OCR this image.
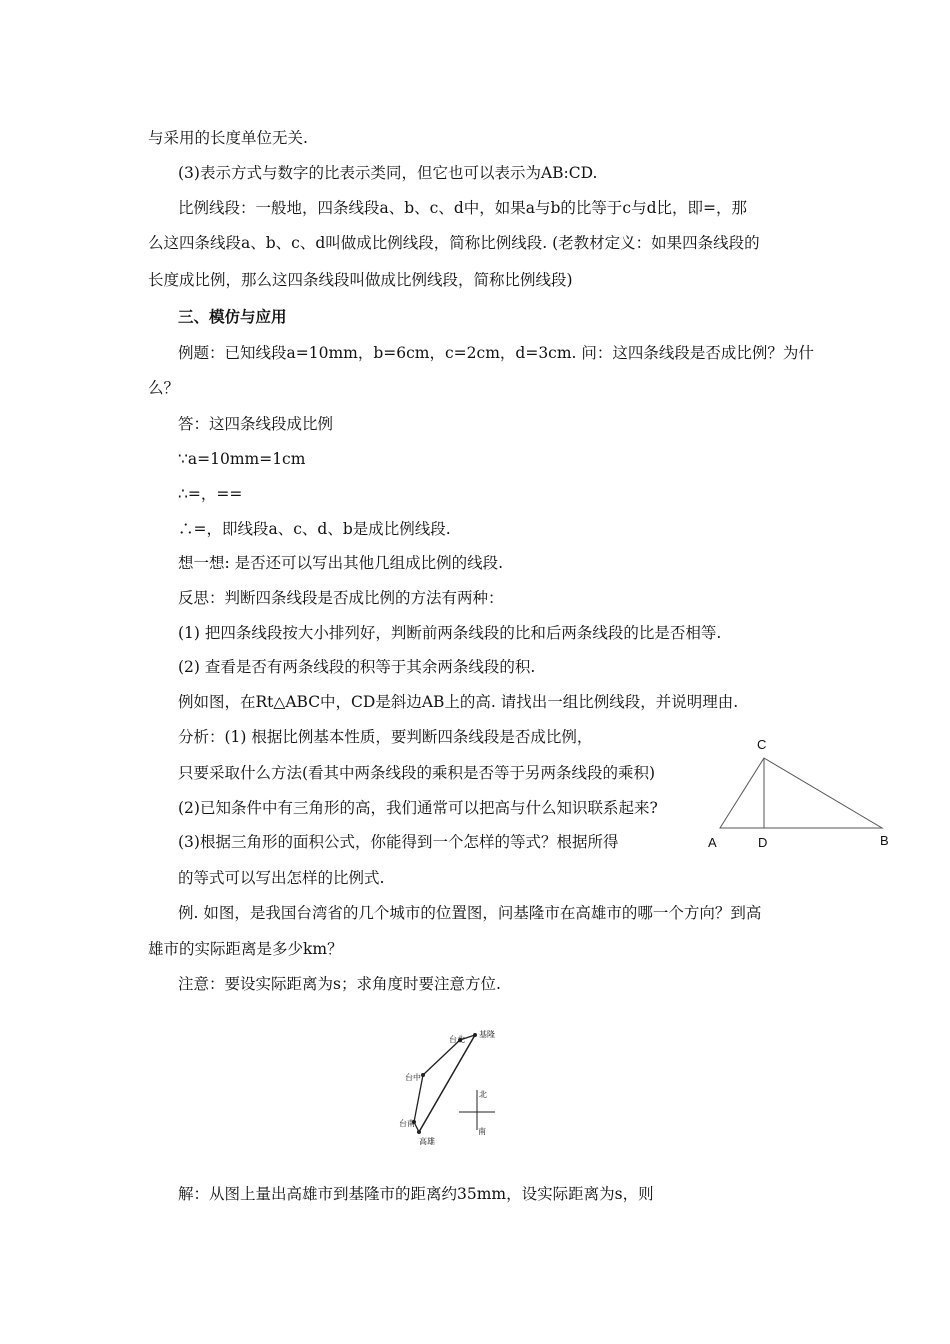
与采用的长度单位无关.
(3)表示方式与数字的比表示类同，但它也可以表示为AB:CD.
比例线段：一般地，四条线段a、b、c、d中，如果a与b的比等于c与d比，即=，那
么这四条线段a、b、c、d叫做成比例线段，简称比例线段. (老教材定义：如果四条线段的
长度成比例，那么这四条线段叫做成比例线段，简称比例线段)
三、模仿与应用
例题：已知线段a=10mm，b=6cm，c=2cm，d=3cm. 问：这四条线段是否成比例？为什
么？
答：这四条线段成比例
∵a=10mm=1cm
∴=，==
∴=，即线段a、c、d、b是成比例线段.
想一想: 是否还可以写出其他几组成比例的线段.
反思：判断四条线段是否成比例的方法有两种：
(1) 把四条线段按大小排列好，判断前两条线段的比和后两条线段的比是否相等.
(2) 查看是否有两条线段的积等于其余两条线段的积.
例如图，在Rt△ABC中，CD是斜边AB上的高. 请找出一组比例线段，并说明理由.
分析：(1) 根据比例基本性质，要判断四条线段是否成比例，
只要采取什么方法(看其中两条线段的乘积是否等于另两条线段的乘积)
(2)已知条件中有三角形的高，我们通常可以把高与什么知识联系起来?
(3)根据三角形的面积公式，你能得到一个怎样的等式？根据所得
的等式可以写出怎样的比例式.
例. 如图，是我国台湾省的几个城市的位置图，问基隆市在高雄市的哪一个方向？到高
雄市的实际距离是多少km？
注意：要设实际距离为s；求角度时要注意方位.
解：从图上量出高雄市到基隆市的距离约35mm，设实际距离为s，则
C
A	D	B
台北
基隆
台中
台南
高雄
北
南
